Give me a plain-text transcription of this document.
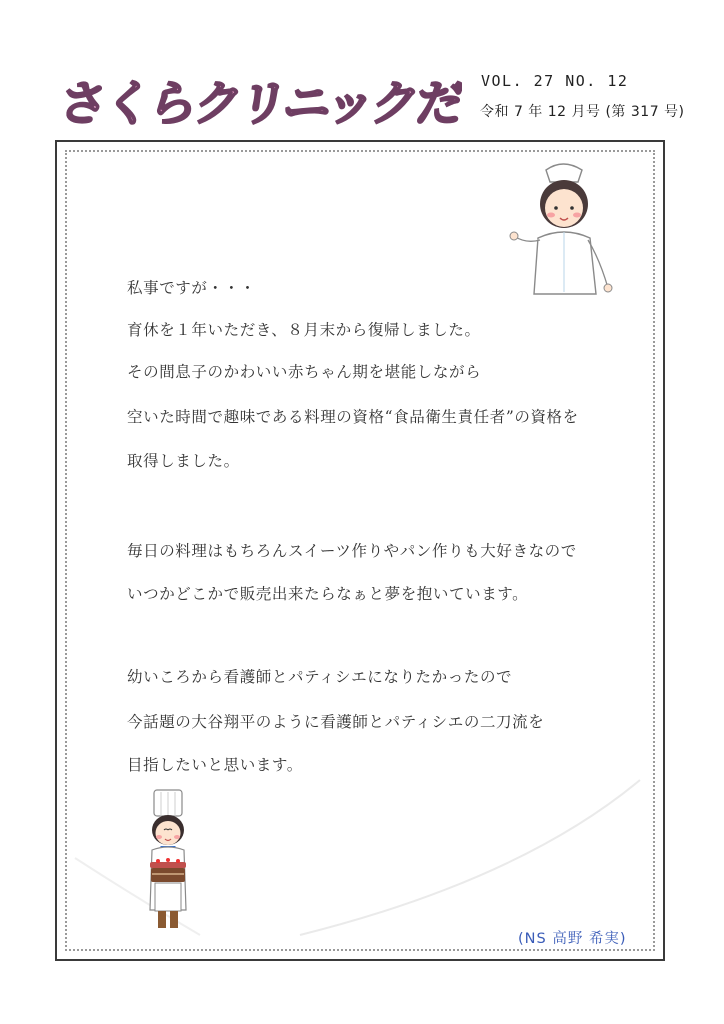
さくらクリニックだより
VOL. 27 NO. 12
令和 7 年 12 月号 (第 317 号)
私事ですが・・・
育休を１年いただき、８月末から復帰しました。
その間息子のかわいい赤ちゃん期を堪能しながら
空いた時間で趣味である料理の資格“食品衛生責任者”の資格を
取得しました。
毎日の料理はもちろんスイーツ作りやパン作りも大好きなので
いつかどこかで販売出来たらなぁと夢を抱いています。
幼いころから看護師とパティシエになりたかったので
今話題の大谷翔平のように看護師とパティシエの二刀流を
目指したいと思います。
(NS 高野 希実)
